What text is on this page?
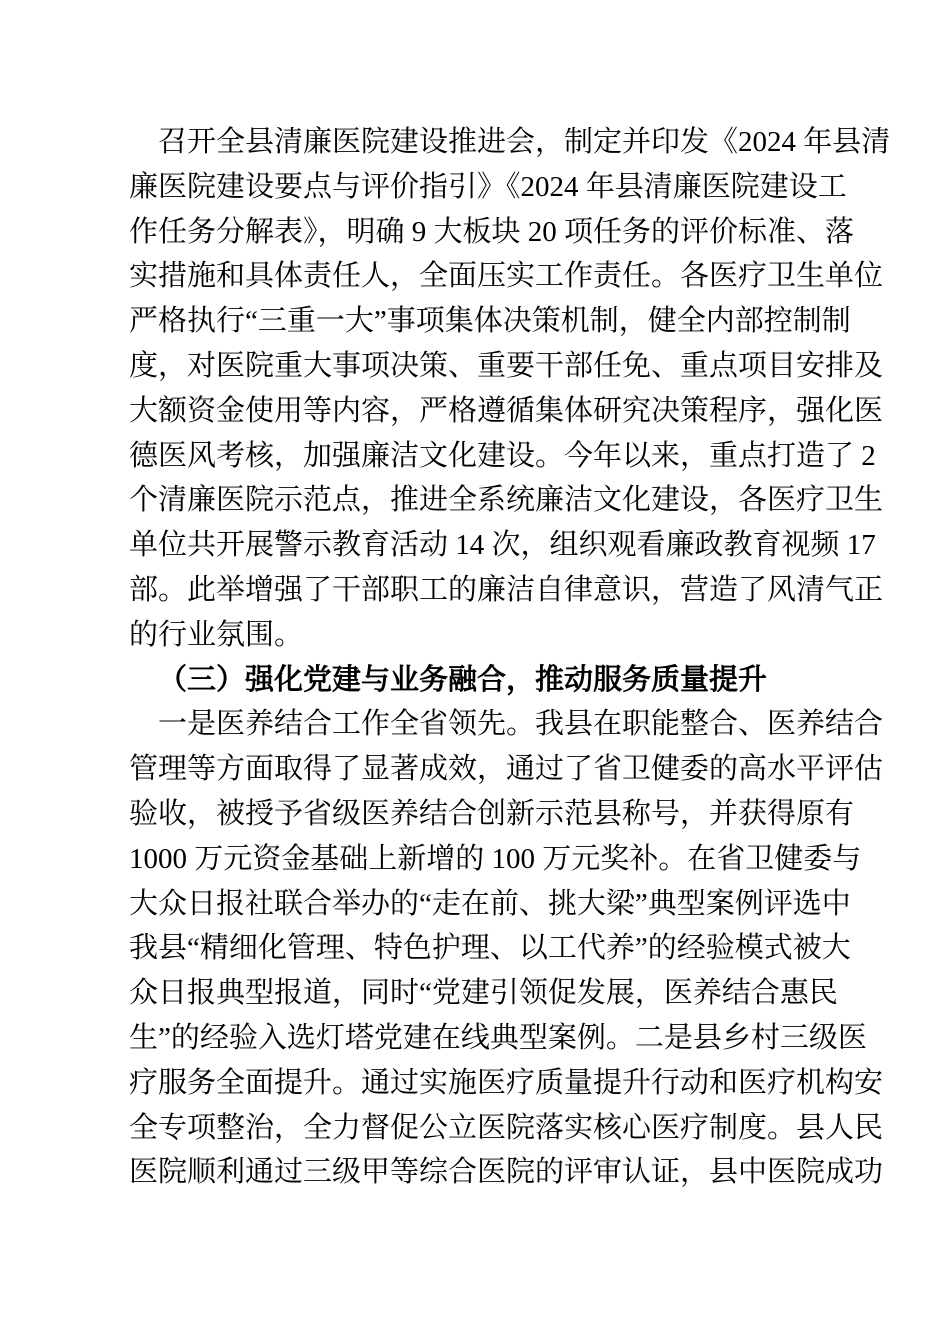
召开全县清廉医院建设推进会，制定并印发《2024 年县清
廉医院建设要点与评价指引》《2024 年县清廉医院建设工
作任务分解表》，明确 9 大板块 20 项任务的评价标准、落
实措施和具体责任人，全面压实工作责任。各医疗卫生单位
严格执行“三重一大”事项集体决策机制，健全内部控制制
度，对医院重大事项决策、重要干部任免、重点项目安排及
大额资金使用等内容，严格遵循集体研究决策程序，强化医
德医风考核，加强廉洁文化建设。今年以来，重点打造了 2
个清廉医院示范点，推进全系统廉洁文化建设，各医疗卫生
单位共开展警示教育活动 14 次，组织观看廉政教育视频 17
部。此举增强了干部职工的廉洁自律意识，营造了风清气正
的行业氛围。
（三）强化党建与业务融合，推动服务质量提升
一是医养结合工作全省领先。我县在职能整合、医养结合
管理等方面取得了显著成效，通过了省卫健委的高水平评估
验收，被授予省级医养结合创新示范县称号，并获得原有
1000 万元资金基础上新增的 100 万元奖补。在省卫健委与
大众日报社联合举办的“走在前、挑大梁”典型案例评选中
我县“精细化管理、特色护理、以工代养”的经验模式被大
众日报典型报道，同时“党建引领促发展，医养结合惠民
生”的经验入选灯塔党建在线典型案例。二是县乡村三级医
疗服务全面提升。通过实施医疗质量提升行动和医疗机构安
全专项整治，全力督促公立医院落实核心医疗制度。县人民
医院顺利通过三级甲等综合医院的评审认证，县中医院成功
